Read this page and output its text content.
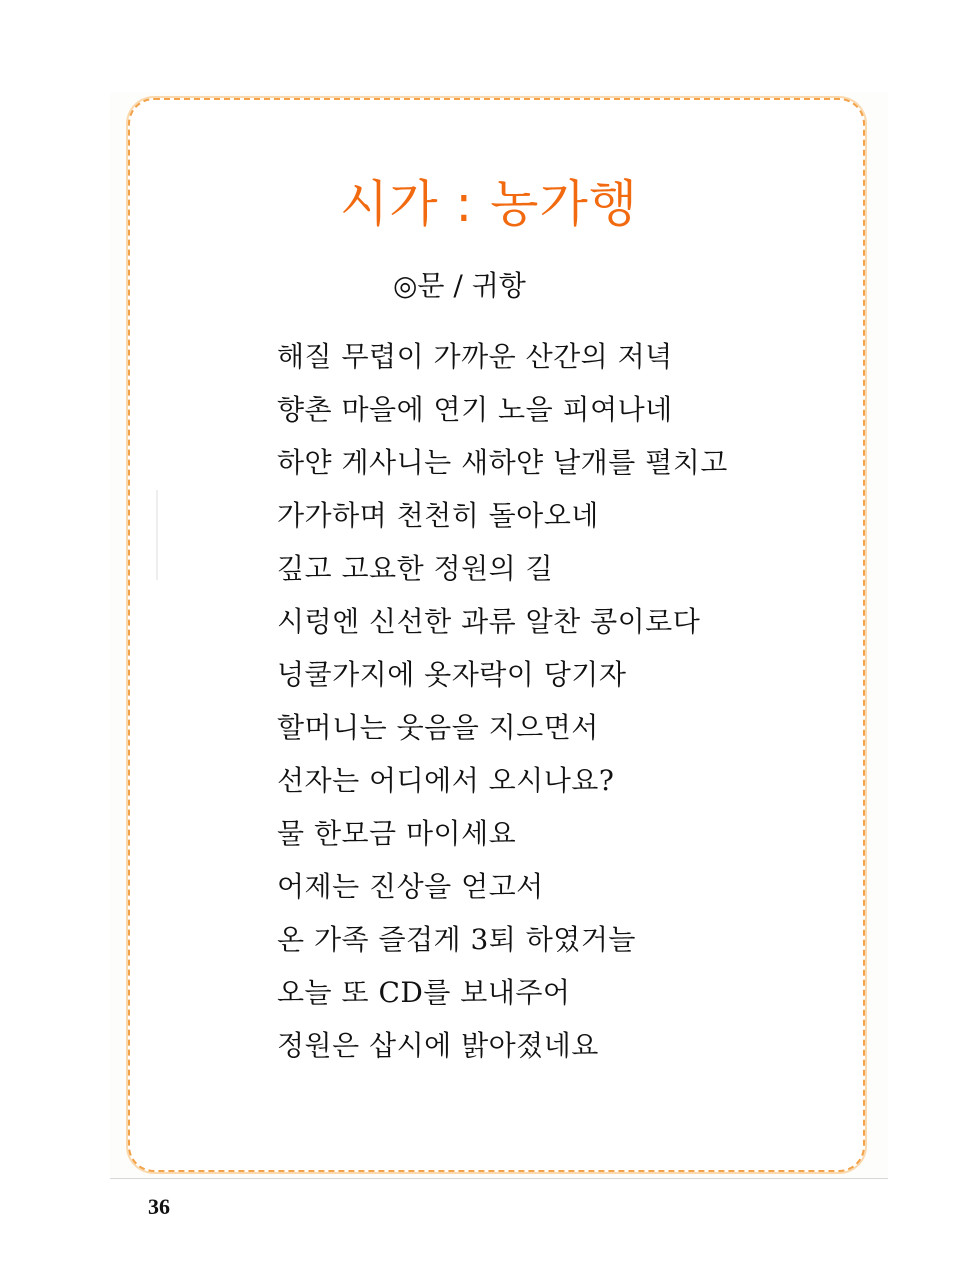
시가 : 농가행
◎문 / 귀항
해질 무렵이 가까운 산간의 저녁
향촌 마을에 연기 노을 피여나네
하얀 게사니는 새하얀 날개를 펼치고
가가하며 천천히 돌아오네
깊고 고요한 정원의 길
시렁엔 신선한 과류 알찬 콩이로다
넝쿨가지에 옷자락이 당기자
할머니는 웃음을 지으면서
선자는 어디에서 오시나요?
물 한모금 마이세요
어제는 진상을 얻고서
온 가족 즐겁게 3퇴 하였거늘
오늘 또 CD를 보내주어
정원은 삽시에 밝아졌네요
36
